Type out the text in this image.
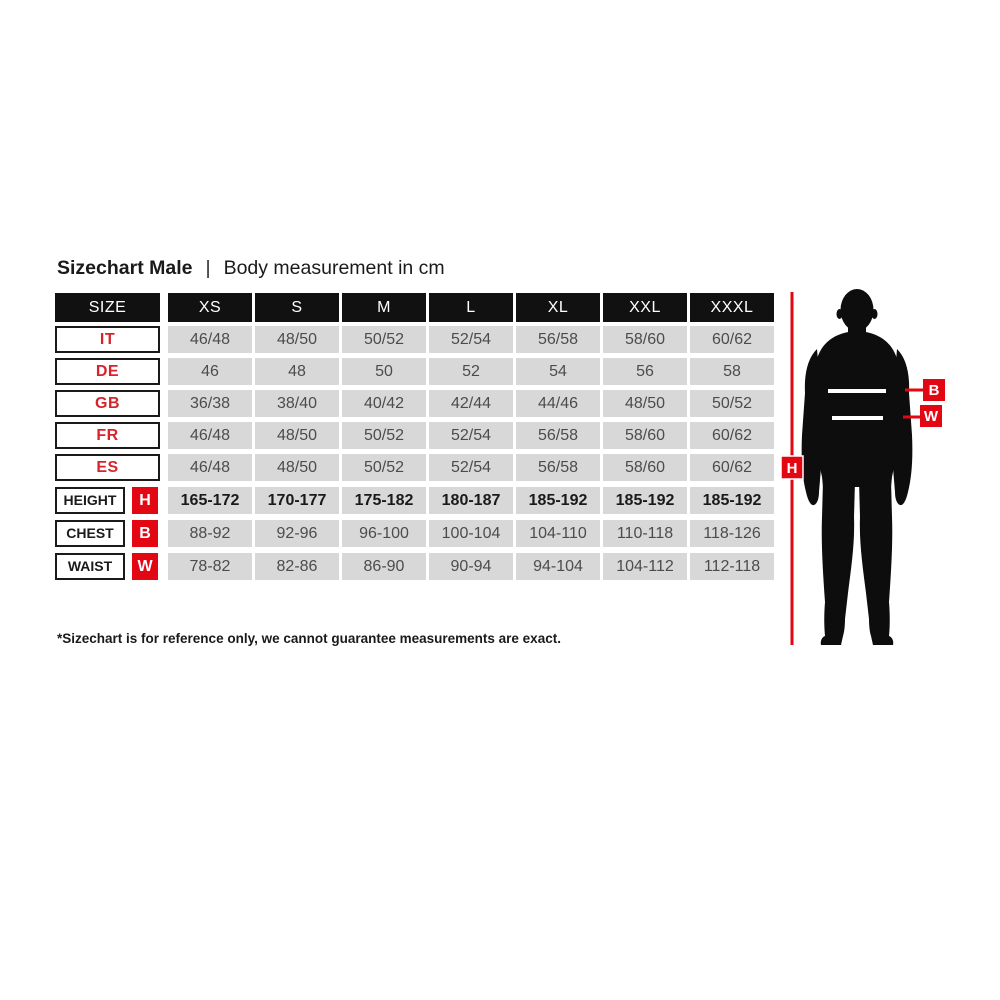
Sizechart Male | Body measurement in cm
SIZE	XS	S	M	L	XL	XXL	XXXL
IT	46/48	48/50	50/52	52/54	56/58	58/60	60/62
DE	46	48	50	52	54	56	58
GB	36/38	38/40	40/42	42/44	44/46	48/50	50/52
FR	46/48	48/50	50/52	52/54	56/58	58/60	60/62
ES	46/48	48/50	50/52	52/54	56/58	58/60	60/62
HEIGHT	H	165-172	170-177	175-182	180-187	185-192	185-192	185-192
CHEST	B	88-92	92-96	96-100	100-104	104-110	110-118	118-126
WAIST	W	78-82	82-86	86-90	90-94	94-104	104-112	112-118
*Sizechart is for reference only, we cannot guarantee measurements are exact.
B
W
H
